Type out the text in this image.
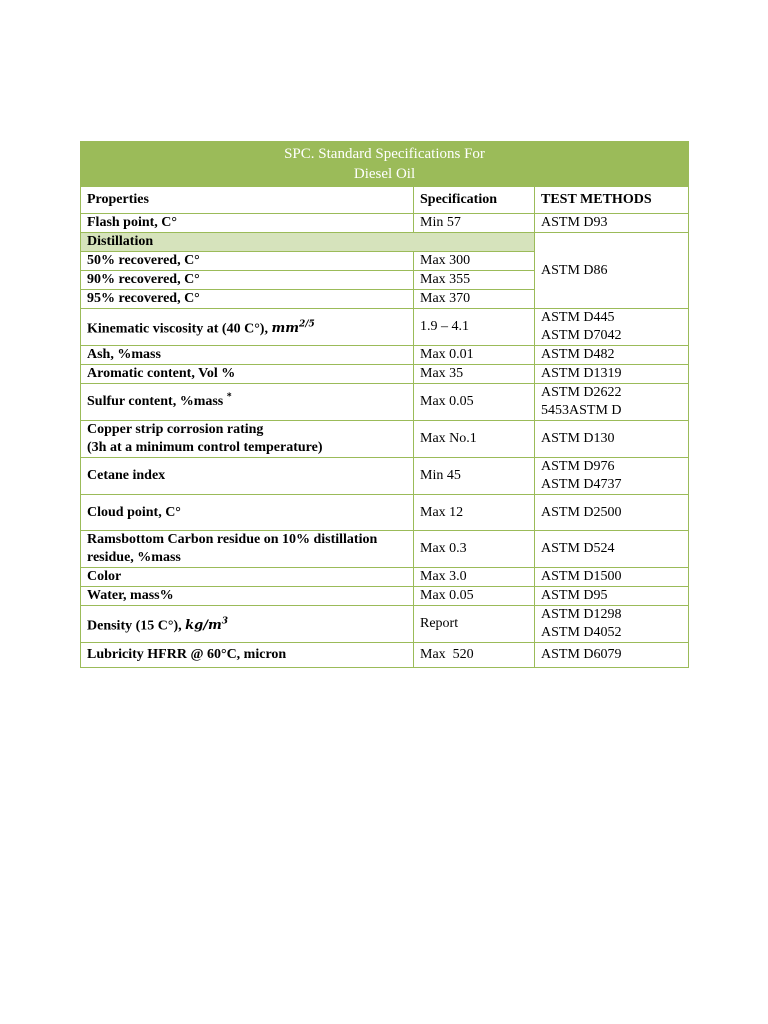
SPC. Standard Specifications For
Diesel Oil		

Properties	Specification	TEST METHODS
Flash point, C°	Min 57	ASTM D93
Distillation		ASTM D86
50% recovered, C°	Max 300	
90% recovered, C°	Max 355	
95% recovered, C°	Max 370	
Kinematic viscosity at (40 C°), $mm^{2/5}$	1.9 – 4.1	ASTM D445
ASTM D7042

Ash, %mass	Max 0.01	ASTM D482
Aromatic content, Vol %	Max 35	ASTM D1319
Sulfur content, %mass *	Max 0.05	ASTM D2622
5453ASTM D

Copper strip corrosion rating
(3h at a minimum control temperature)	Max No.1	ASTM D130
Cetane index	Min 45	ASTM D976
ASTM D4737

Cloud point, C°	Max 12	ASTM D2500

Ramsbottom Carbon residue on 10% distillation
residue, %mass	Max 0.3	ASTM D524
Color	Max 3.0	ASTM D1500
Water, mass%	Max 0.05	ASTM D95
Density (15 C°), $kg/m^3$	Report	ASTM D1298
ASTM D4052

Lubricity HFRR @ 60°C, micron	Max  520	ASTM D6079
